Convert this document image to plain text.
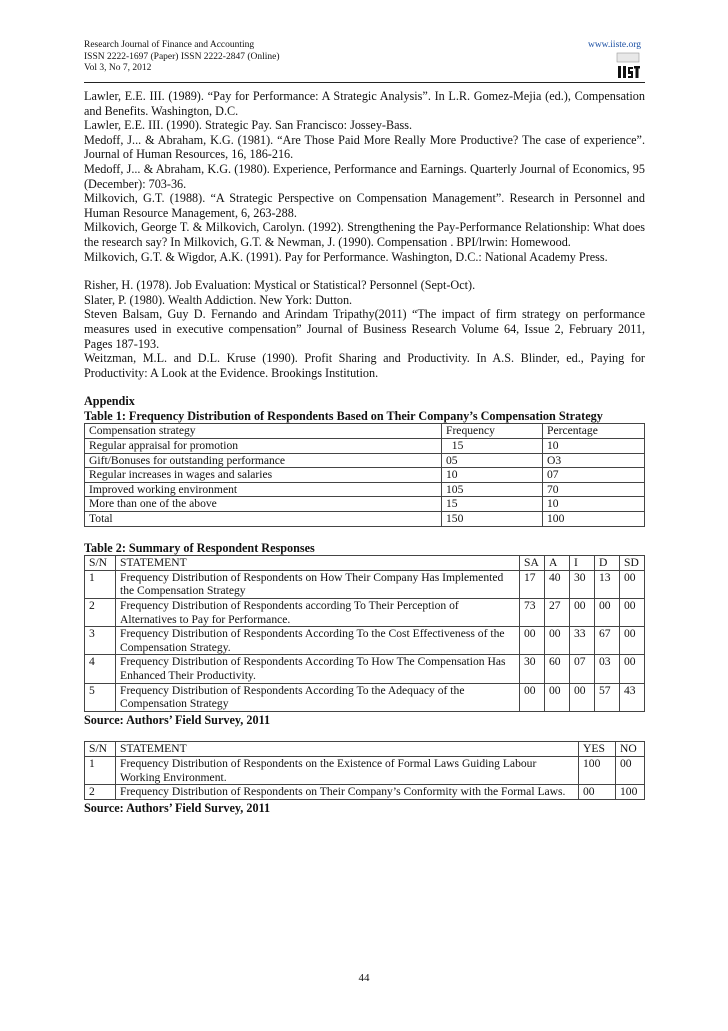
Research Journal of Finance and Accounting
ISSN 2222-1697 (Paper) ISSN 2222-2847 (Online)
Vol 3, No 7, 2012
www.iiste.org
Lawler, E.E. III. (1989). “Pay for Performance: A Strategic Analysis”. In L.R. Gomez-Mejia (ed.), Compensation and Benefits. Washington, D.C.
Lawler, E.E. III. (1990). Strategic Pay. San Francisco: Jossey-Bass.
Medoff, J... & Abraham, K.G. (1981). “Are Those Paid More Really More Productive? The case of experience”. Journal of Human Resources, 16, 186-216.
Medoff, J... & Abraham, K.G. (1980). Experience, Performance and Earnings. Quarterly Journal of Economics, 95 (December): 703-36.
Milkovich, G.T. (1988). “A Strategic Perspective on Compensation Management”. Research in Personnel and Human Resource Management, 6, 263-288.
Milkovich, George T. & Milkovich, Carolyn. (1992). Strengthening the Pay-Performance Relationship: What does the research say? In Milkovich, G.T. & Newman, J. (1990). Compensation . BPI/lrwin: Homewood.
Milkovich, G.T. & Wigdor, A.K. (1991). Pay for Performance. Washington, D.C.: National Academy Press.
Risher, H. (1978). Job Evaluation: Mystical or Statistical? Personnel (Sept-Oct).
Slater, P. (1980). Wealth Addiction. New York: Dutton.
Steven Balsam, Guy D. Fernando and Arindam Tripathy(2011) “The impact of firm strategy on performance measures used in executive compensation” Journal of Business Research Volume 64, Issue 2, February 2011, Pages 187-193.
Weitzman, M.L. and D.L. Kruse (1990). Profit Sharing and Productivity. In A.S. Blinder, ed., Paying for Productivity: A Look at the Evidence. Brookings Institution.
Appendix
Table 1: Frequency Distribution of Respondents Based on Their Company’s Compensation Strategy
Compensation strategy	Frequency	Percentage
Regular appraisal for promotion	15	10
Gift/Bonuses for outstanding performance	05	O3
Regular increases in wages and salaries	10	07
Improved working environment	105	70
More than one of the above	15	10
Total	150	100
Table 2: Summary of Respondent Responses
S/N	STATEMENT	SA	A	I	D	SD
1	Frequency Distribution of Respondents on How Their Company Has Implemented the Compensation Strategy	17	40	30	13	00
2	Frequency Distribution of Respondents according To Their Perception of Alternatives to Pay for Performance.	73	27	00	00	00
3	Frequency Distribution of Respondents According To the Cost Effectiveness of the Compensation Strategy.	00	00	33	67	00
4	Frequency Distribution of Respondents According To How The Compensation Has Enhanced Their Productivity.	30	60	07	03	00
5	Frequency Distribution of Respondents According To the Adequacy of the Compensation Strategy	00	00	00	57	43
Source: Authors’ Field Survey, 2011
S/N	STATEMENT	YES	NO
1	Frequency Distribution of Respondents on the Existence of Formal Laws Guiding Labour Working Environment.	100	00
2	Frequency Distribution of Respondents on Their Company’s Conformity with the Formal Laws.	00	100
Source: Authors’ Field Survey, 2011
44
